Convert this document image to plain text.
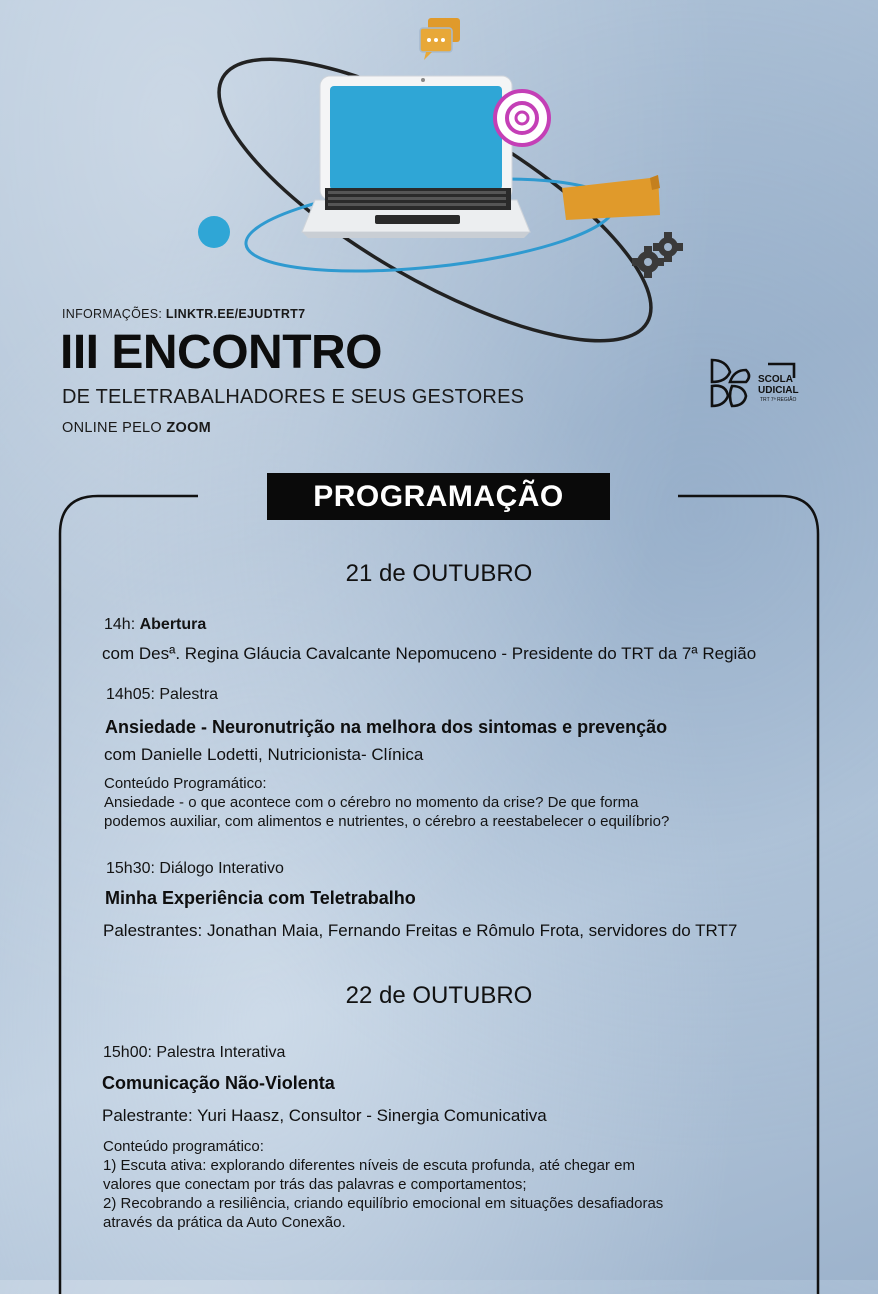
INFORMAÇÕES: LINKTR.EE/EJUDTRT7
III ENCONTRO
DE TELETRABALHADORES E SEUS GESTORES
ONLINE PELO ZOOM
SCOLA
UDICIAL
TRT 7ª REGIÃO
PROGRAMAÇÃO
21 de OUTUBRO
14h: Abertura
com Desª. Regina Gláucia Cavalcante Nepomuceno - Presidente do TRT da 7ª Região
14h05: Palestra
Ansiedade - Neuronutrição na melhora dos sintomas e prevenção
com Danielle Lodetti, Nutricionista- Clínica
Conteúdo Programático:
Ansiedade - o que acontece com o cérebro no momento da crise? De que forma
podemos auxiliar, com alimentos e nutrientes, o cérebro a reestabelecer o equilíbrio?
15h30: Diálogo Interativo
Minha Experiência com Teletrabalho
Palestrantes: Jonathan Maia, Fernando Freitas e Rômulo Frota, servidores do TRT7
22 de OUTUBRO
15h00: Palestra Interativa
Comunicação Não-Violenta
Palestrante: Yuri Haasz, Consultor - Sinergia Comunicativa
Conteúdo programático:
1) Escuta ativa: explorando diferentes níveis de escuta profunda, até chegar em
valores que conectam por trás das palavras e comportamentos;
2) Recobrando a resiliência, criando equilíbrio emocional em situações desafiadoras
através da prática da Auto Conexão.
